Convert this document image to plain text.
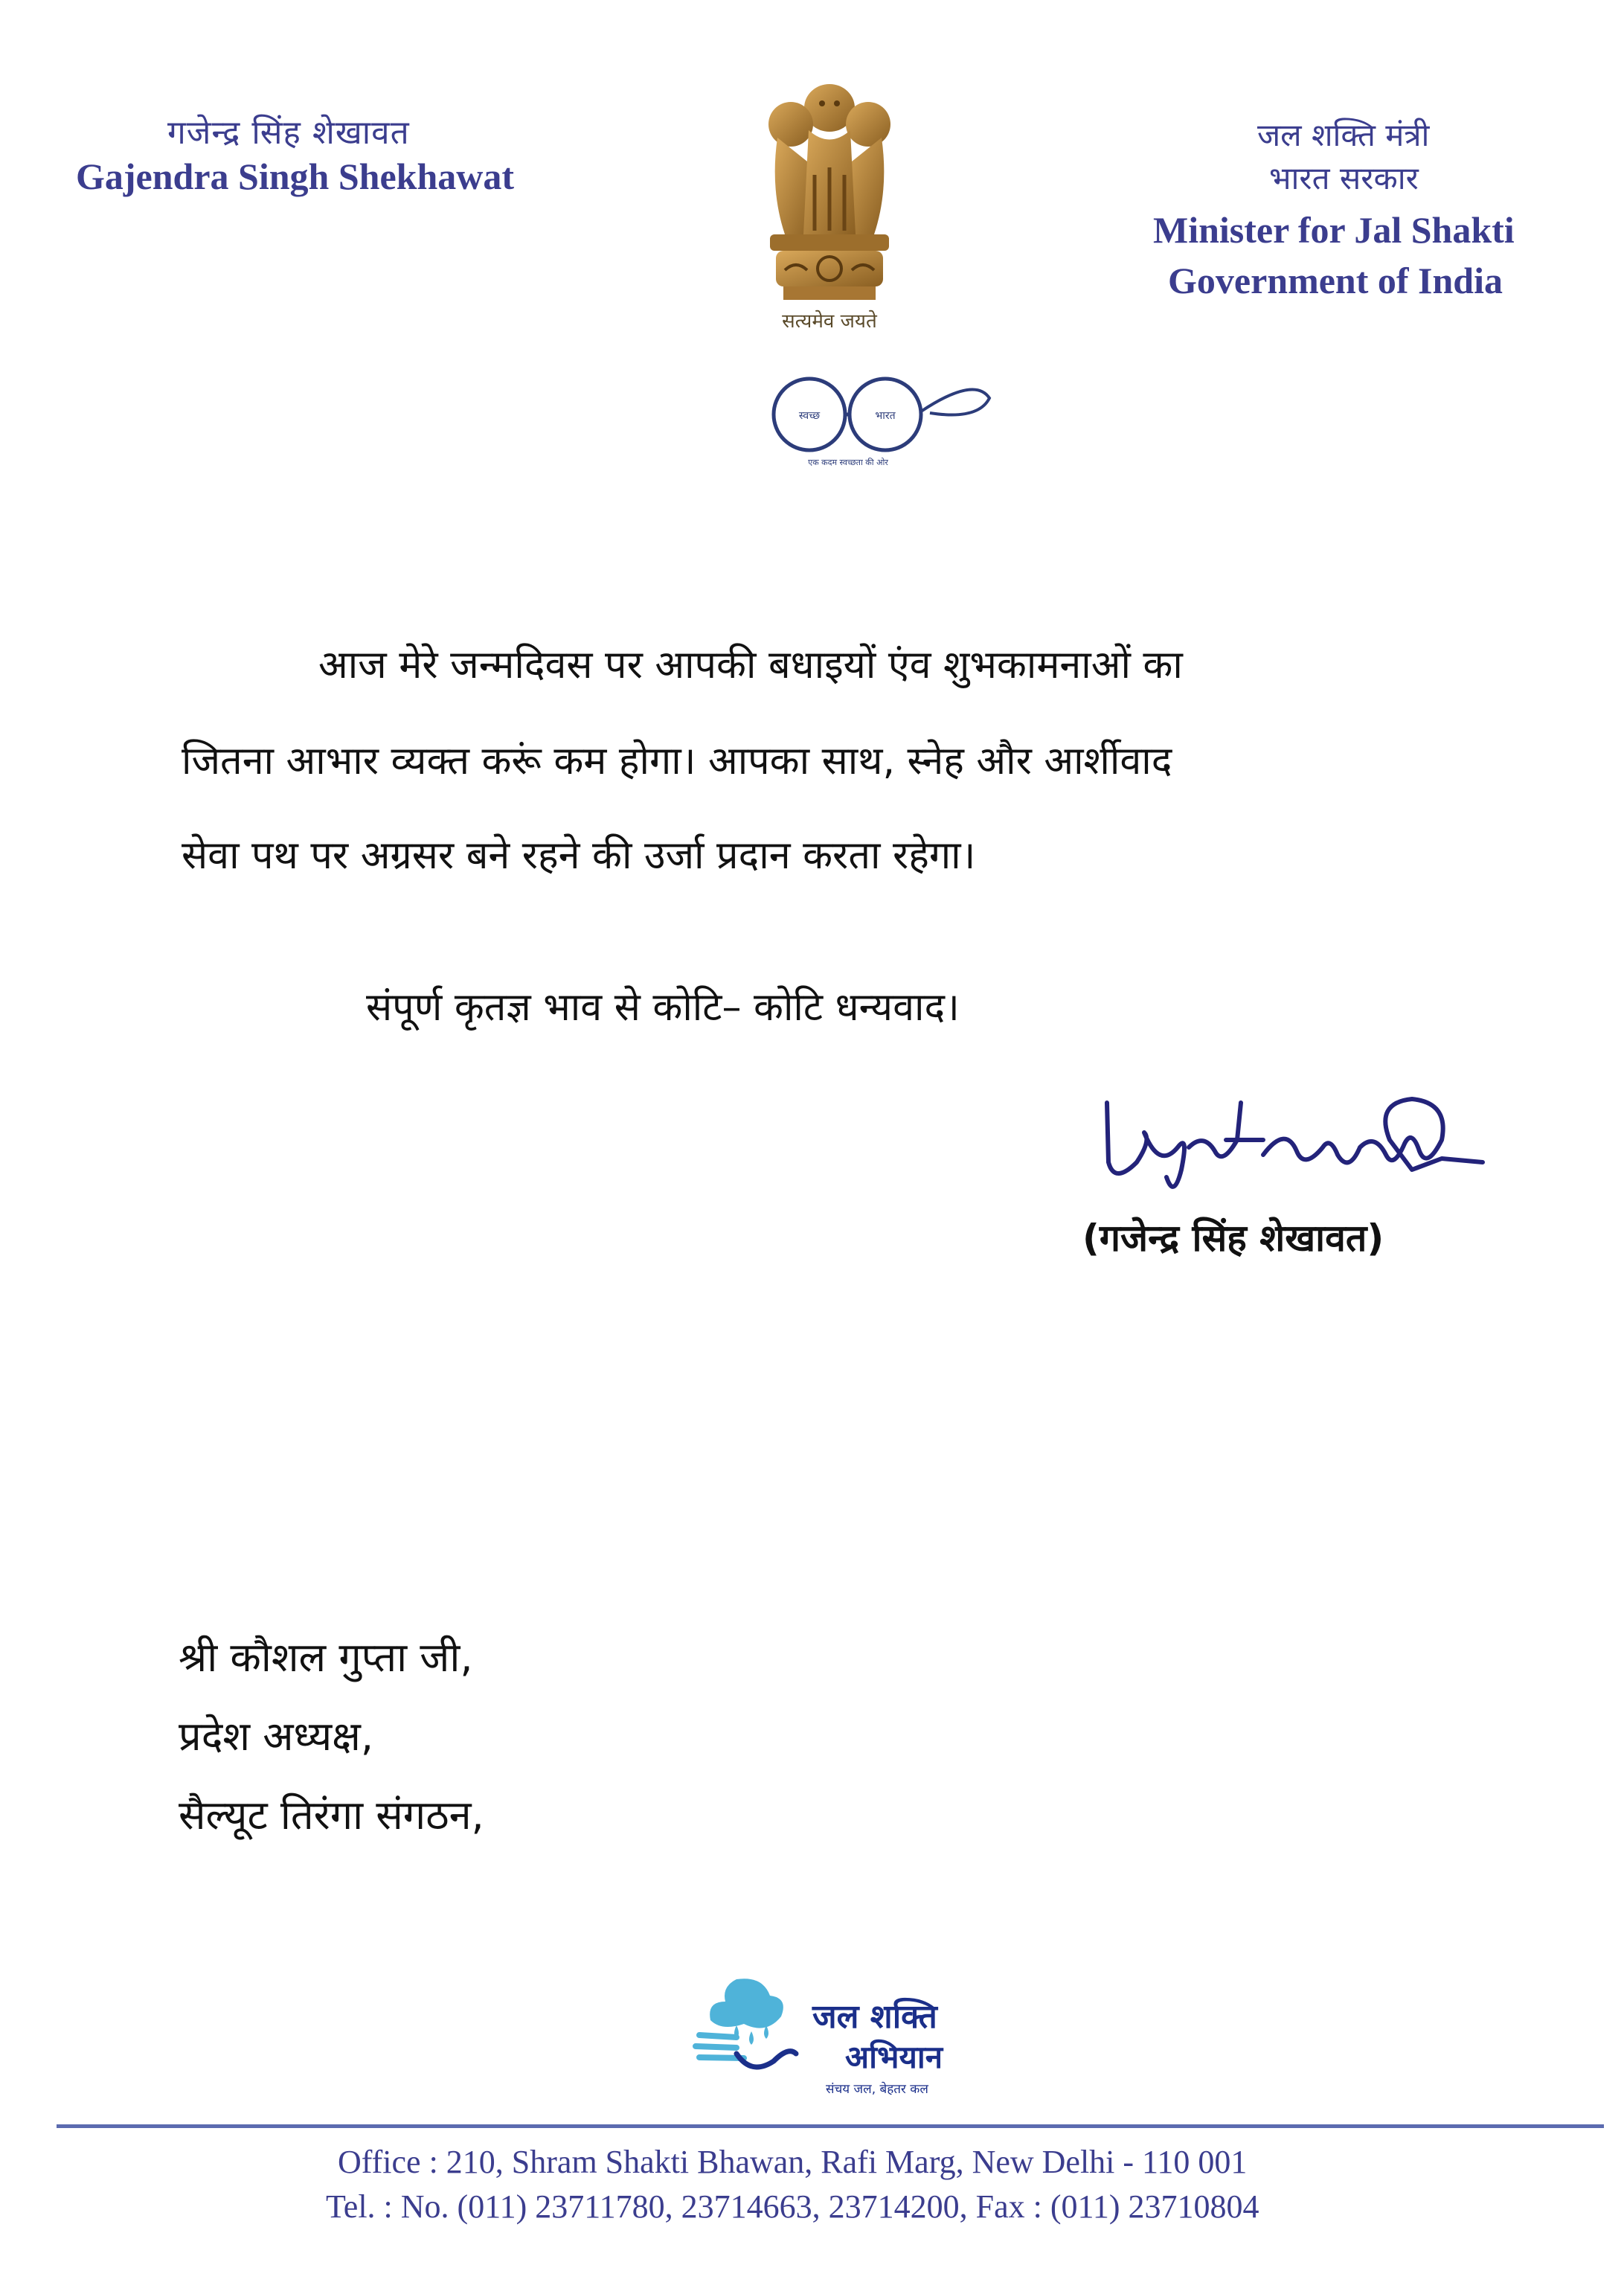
गजेन्द्र सिंह शेखावत
Gajendra Singh Shekhawat
जल शक्ति मंत्री
भारत सरकार
Minister for Jal Shakti
Government of India
सत्यमेव जयते
स्वच्छ	भारत
एक कदम स्वच्छता की ओर
आज मेरे जन्मदिवस पर आपकी बधाइयों एंव शुभकामनाओं का
जितना आभार व्यक्त करूं कम होगा। आपका साथ, स्नेह और आर्शीवाद
सेवा पथ पर अग्रसर बने रहने की उर्जा प्रदान करता रहेगा।
संपूर्ण कृतज्ञ भाव से कोटि– कोटि धन्यवाद।
(गजेन्द्र सिंह शेखावत)
श्री कौशल गुप्ता जी,
प्रदेश अध्यक्ष,
सैल्यूट तिरंगा संगठन,
जल शक्ति
अभियान
संचय जल, बेहतर कल
Office : 210, Shram Shakti Bhawan, Rafi Marg, New Delhi - 110 001
Tel. : No. (011) 23711780, 23714663, 23714200, Fax : (011) 23710804
